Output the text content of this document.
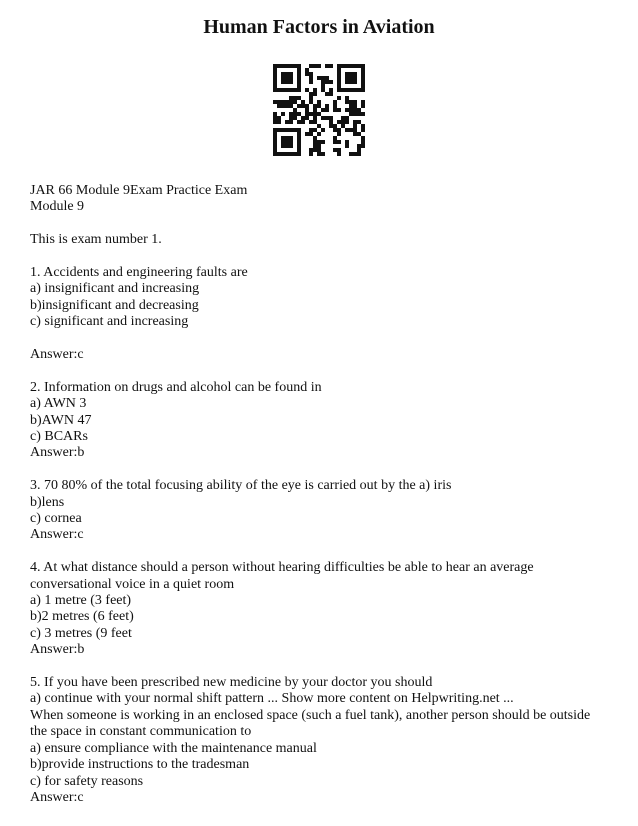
Human Factors in Aviation
JAR 66 Module 9Exam Practice Exam
Module 9
This is exam number 1.
1. Accidents and engineering faults are
a) insignificant and increasing
b)insignificant and decreasing
c) significant and increasing
Answer:c
2. Information on drugs and alcohol can be found in
a) AWN 3
b)AWN 47
c) BCARs
Answer:b
3. 70 80% of the total focusing ability of the eye is carried out by the a) iris
b)lens
c) cornea
Answer:c
4. At what distance should a person without hearing difficulties be able to hear an average
conversational voice in a quiet room
a) 1 metre (3 feet)
b)2 metres (6 feet)
c) 3 metres (9 feet
Answer:b
5. If you have been prescribed new medicine by your doctor you should
a) continue with your normal shift pattern ... Show more content on Helpwriting.net ...
When someone is working in an enclosed space (such a fuel tank), another person should be outside
the space in constant communication to
a) ensure compliance with the maintenance manual
b)provide instructions to the tradesman
c) for safety reasons
Answer:c
